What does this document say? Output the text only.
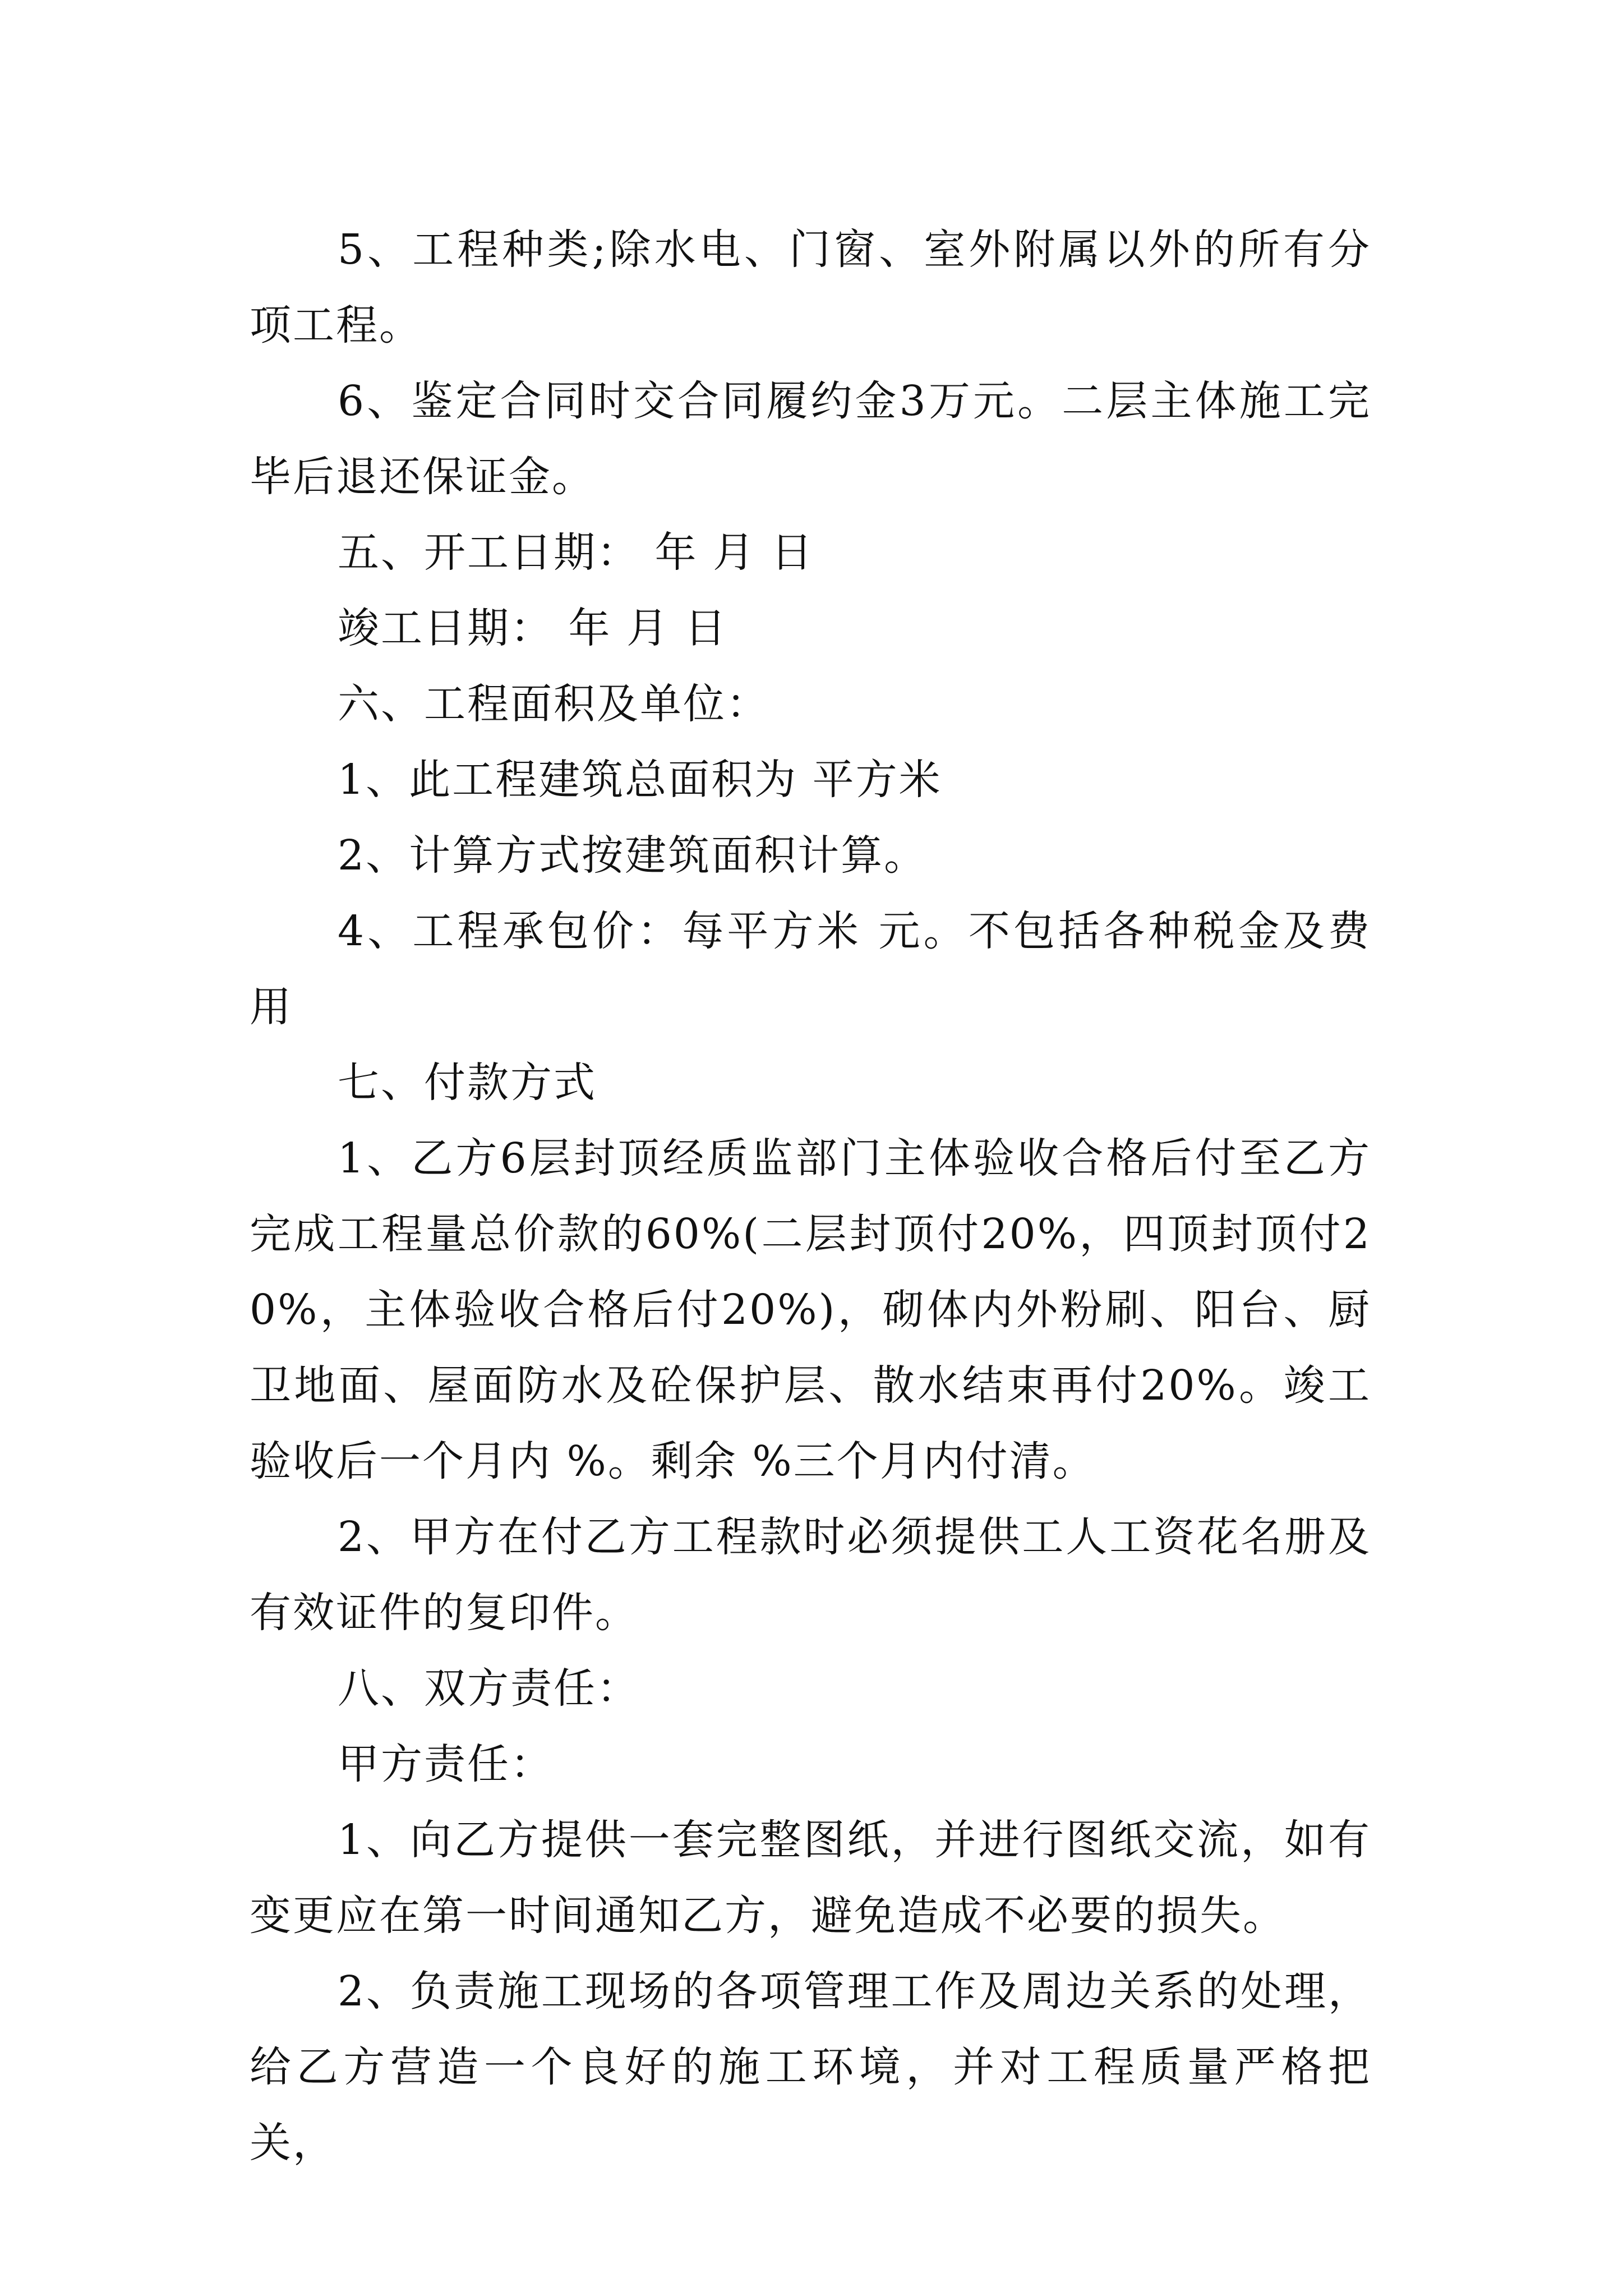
5、工程种类;除水电、门窗、室外附属以外的所有分项工程。

6、鉴定合同时交合同履约金3万元。二层主体施工完毕后退还保证金。

五、开工日期： 年 月 日

竣工日期： 年 月 日

六、工程面积及单位：

1、此工程建筑总面积为 平方米

2、计算方式按建筑面积计算。

4、工程承包价：每平方米 元。不包括各种税金及费用

七、付款方式

1、乙方6层封顶经质监部门主体验收合格后付至乙方完成工程量总价款的60%(二层封顶付20%，四顶封顶付20%，主体验收合格后付20%)，砌体内外粉刷、阳台、厨卫地面、屋面防水及砼保护层、散水结束再付20%。竣工验收后一个月内 %。剩余 %三个月内付清。

2、甲方在付乙方工程款时必须提供工人工资花名册及有效证件的复印件。

八、双方责任：

甲方责任：

1、向乙方提供一套完整图纸，并进行图纸交流，如有变更应在第一时间通知乙方，避免造成不必要的损失。

2、负责施工现场的各项管理工作及周边关系的处理，给乙方营造一个良好的施工环境，并对工程质量严格把关，
